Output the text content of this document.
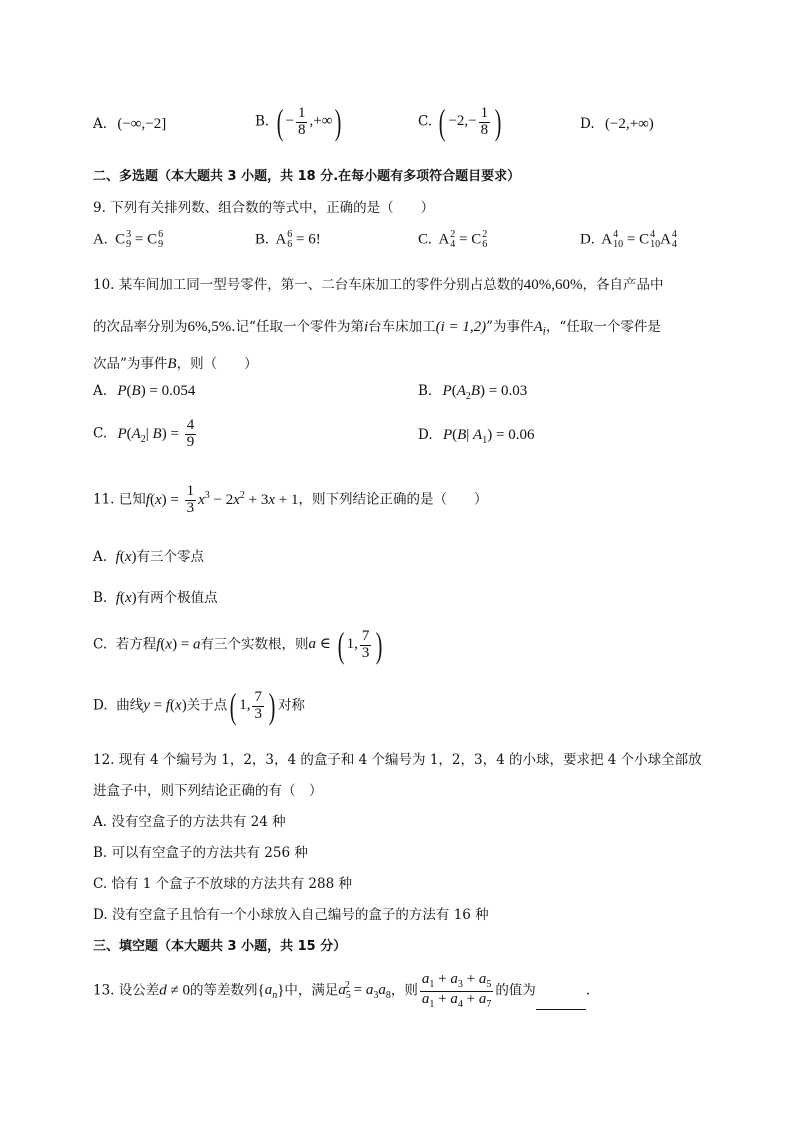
A. (−∞,−2]	B. ( − $\frac{1}{8}$ ,+∞)	C. ( $-2,- \frac{1}{8}$ )	D. (−2,+∞)
二、多选题（本大题共 3 小题，共 18 分.在每小题有多项符合题目要求）
9. 下列有关排列数、组合数的等式中，正确的是（　　）
A.  C 3
9 = C 6
9	B.  A 6
6 = 6!	C.  A 2
4 = C 2
6	D.  A 4
10 = C 4
10 A 4
4
10. 某车间加工同一型号零件，第一、二台车床加工的零件分别占总数的40%,60%，各自产品中
的次品率分别为6%,5%.记“任取一个零件为第i台车床加工(i = 1,2)”为事件$A_i$，“任取一个零件是
次品”为事件B，则（　　）
A. P(B) = 0.054	B. $P(A_2B) = 0.03$
C. $P(A_2|$ $B) = \frac{4}{9}$	D. P(B| $A_1) = 0.06$
11. 已知$f(x) = \frac{1}{3} x^3 - 2x^2 + 3x + 1$，则下列结论正确的是（　　）
A. f(x)有三个零点
B. f(x)有两个极值点
C. 若方程f(x) = a有三个实数根，则a ∈ ( 1, $\frac{7}{3}$ )
D. 曲线y = f(x)关于点( 1, $\frac{7}{3}$ ) 对称
12. 现有 4 个编号为 1，2，3，4 的盒子和 4 个编号为 1，2，3，4 的小球，要求把 4 个小球全部放
进盒子中，则下列结论正确的有（　）
A. 没有空盒子的方法共有 24 种
B. 可以有空盒子的方法共有 256 种
C. 恰有 1 个盒子不放球的方法共有 288 种
D. 没有空盒子且恰有一个小球放入自己编号的盒子的方法有 16 种
三、填空题（本大题共 3 小题，共 15 分）
13. 设公差d ≠ 0的等差数列$\{a_n\}$中，满足$a_5^2 = a_3a_8$，则 $\frac{a_1 + a_3 + a_5}{a_1 + a_4 + a_7}$ 的值为	.
